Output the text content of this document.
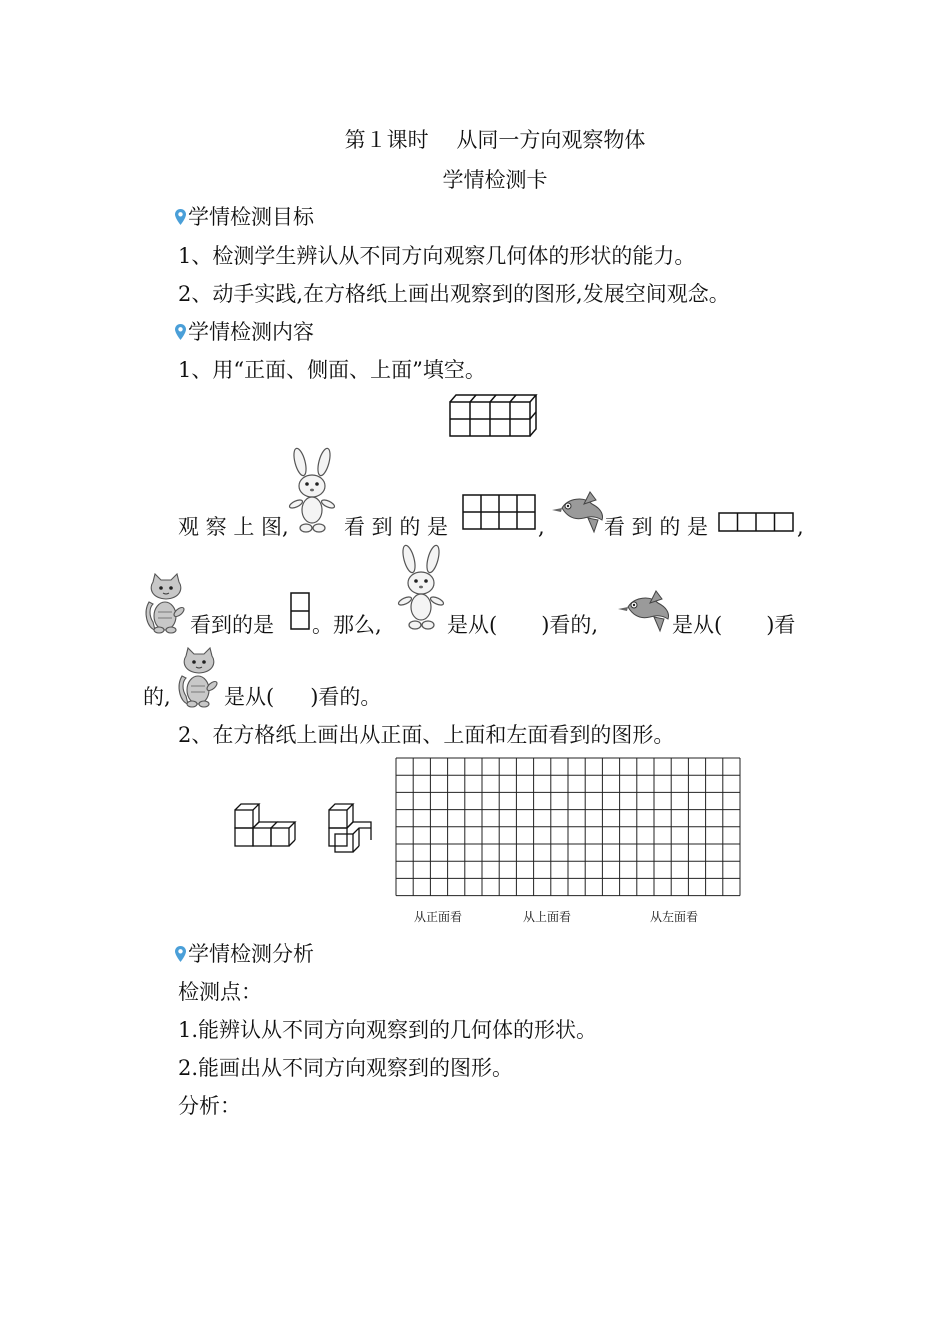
第１课时　 从同一方向观察物体
学情检测卡
学情检测目标
1、检测学生辨认从不同方向观察几何体的形状的能力。
2、动手实践,在方格纸上画出观察到的图形,发展空间观念。
学情检测内容
1、用“正面、侧面、上面”填空。
观 察 上 图,	看 到 的 是	,	看 到 的 是	,
看到的是 。那么,	是从( )看的,	是从( )看
的,	是从( )看的。
2、在方格纸上画出从正面、上面和左面看到的图形。
从正面看	从上面看	从左面看
学情检测分析
检测点：
1.能辨认从不同方向观察到的几何体的形状。
2.能画出从不同方向观察到的图形。
分析：
